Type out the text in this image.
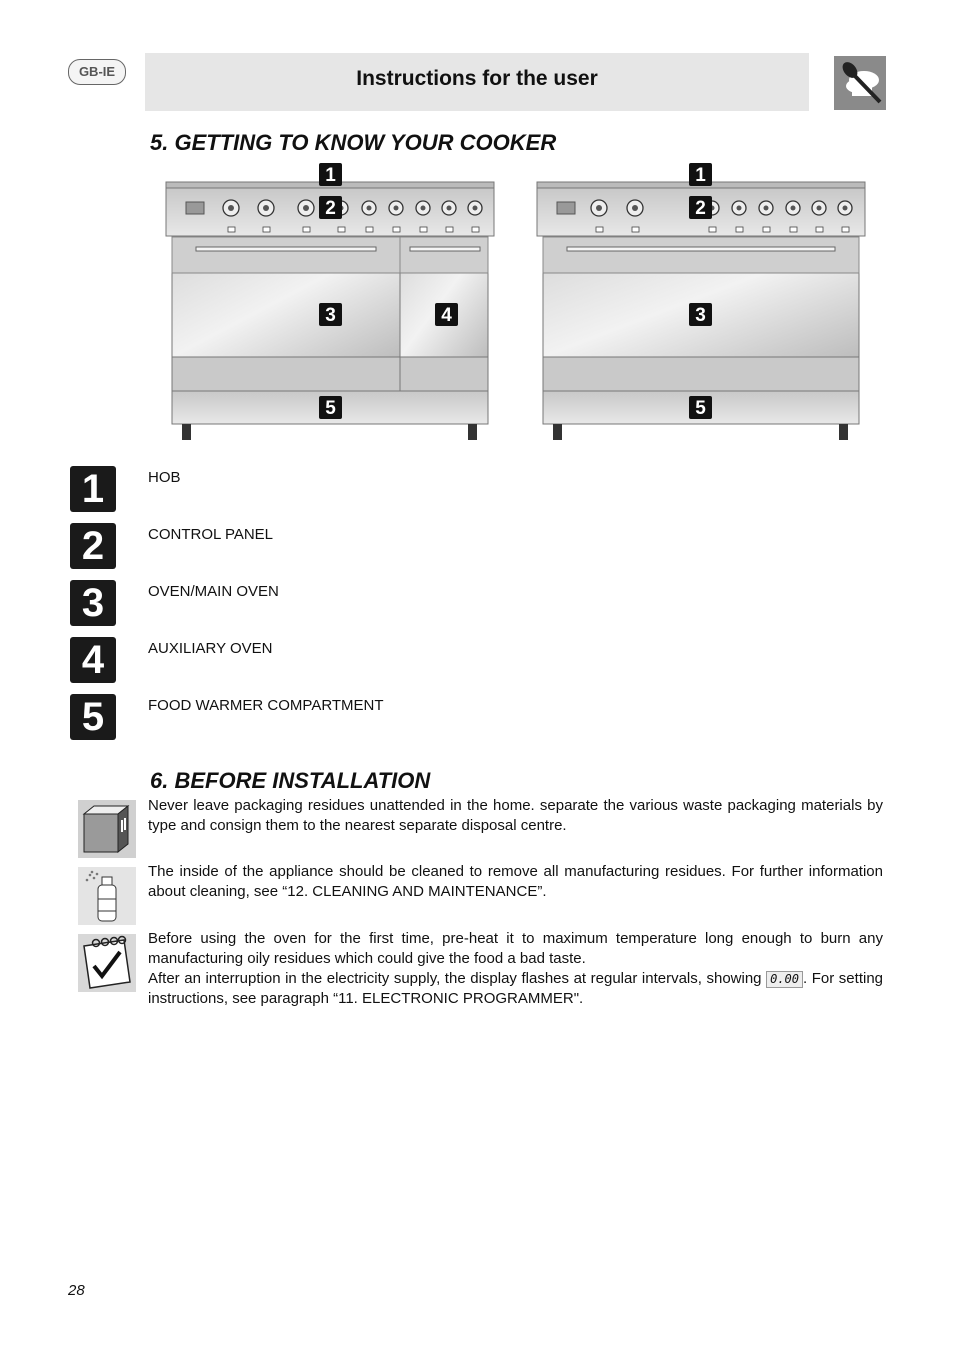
GB-IE	Instructions for the user
5. GETTING TO KNOW YOUR COOKER
1
2
3	4
5
1
2
3
5
1	HOB
2	CONTROL PANEL
3	OVEN/MAIN OVEN
4	AUXILIARY OVEN
5	FOOD WARMER COMPARTMENT
6. BEFORE INSTALLATION
Never leave packaging residues unattended in the home. separate the various waste packaging materials by type and consign them to the nearest separate disposal centre.
The inside of the appliance should be cleaned to remove all manufacturing residues. For further information about cleaning, see “12. CLEANING AND MAINTENANCE”.
Before using the oven for the first time, pre-heat it to maximum temperature long enough to burn any manufacturing oily residues which could give the food a bad taste.
After an interruption in the electricity supply, the display flashes at regular intervals, showing 0.00 . For setting instructions, see paragraph “11. ELECTRONIC PROGRAMMER".
28
